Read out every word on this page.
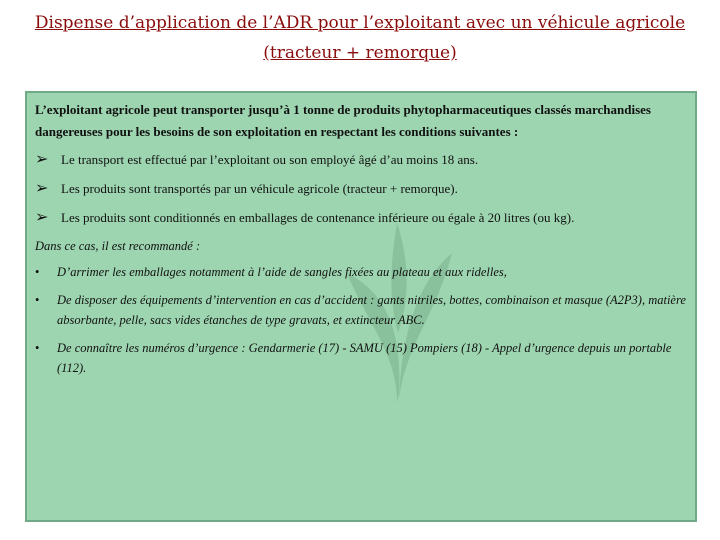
Dispense d’application de l’ADR pour l’exploitant avec un véhicule agricole (tracteur + remorque)

L’exploitant agricole peut transporter jusqu’à 1 tonne de produits phytopharmaceutiques classés marchandises dangereuses pour les besoins de son exploitation en respectant les conditions suivantes :

➢ Le transport est effectué par l’exploitant ou son employé âgé d’au moins 18 ans.
➢ Les produits sont transportés par un véhicule agricole (tracteur + remorque).
➢ Les produits sont conditionnés en emballages de contenance inférieure ou égale à 20 litres (ou kg).

Dans ce cas, il est recommandé :

•	D’arrimer les emballages notamment à l’aide de sangles fixées au plateau et aux ridelles,
•	De disposer des équipements d’intervention en cas d’accident : gants nitriles, bottes, combinaison et masque (A2P3), matière absorbante, pelle, sacs vides étanches de type gravats, et extincteur ABC.
•	De connaître les numéros d’urgence : Gendarmerie (17) - SAMU (15) Pompiers (18) - Appel d’urgence depuis un portable (112).
